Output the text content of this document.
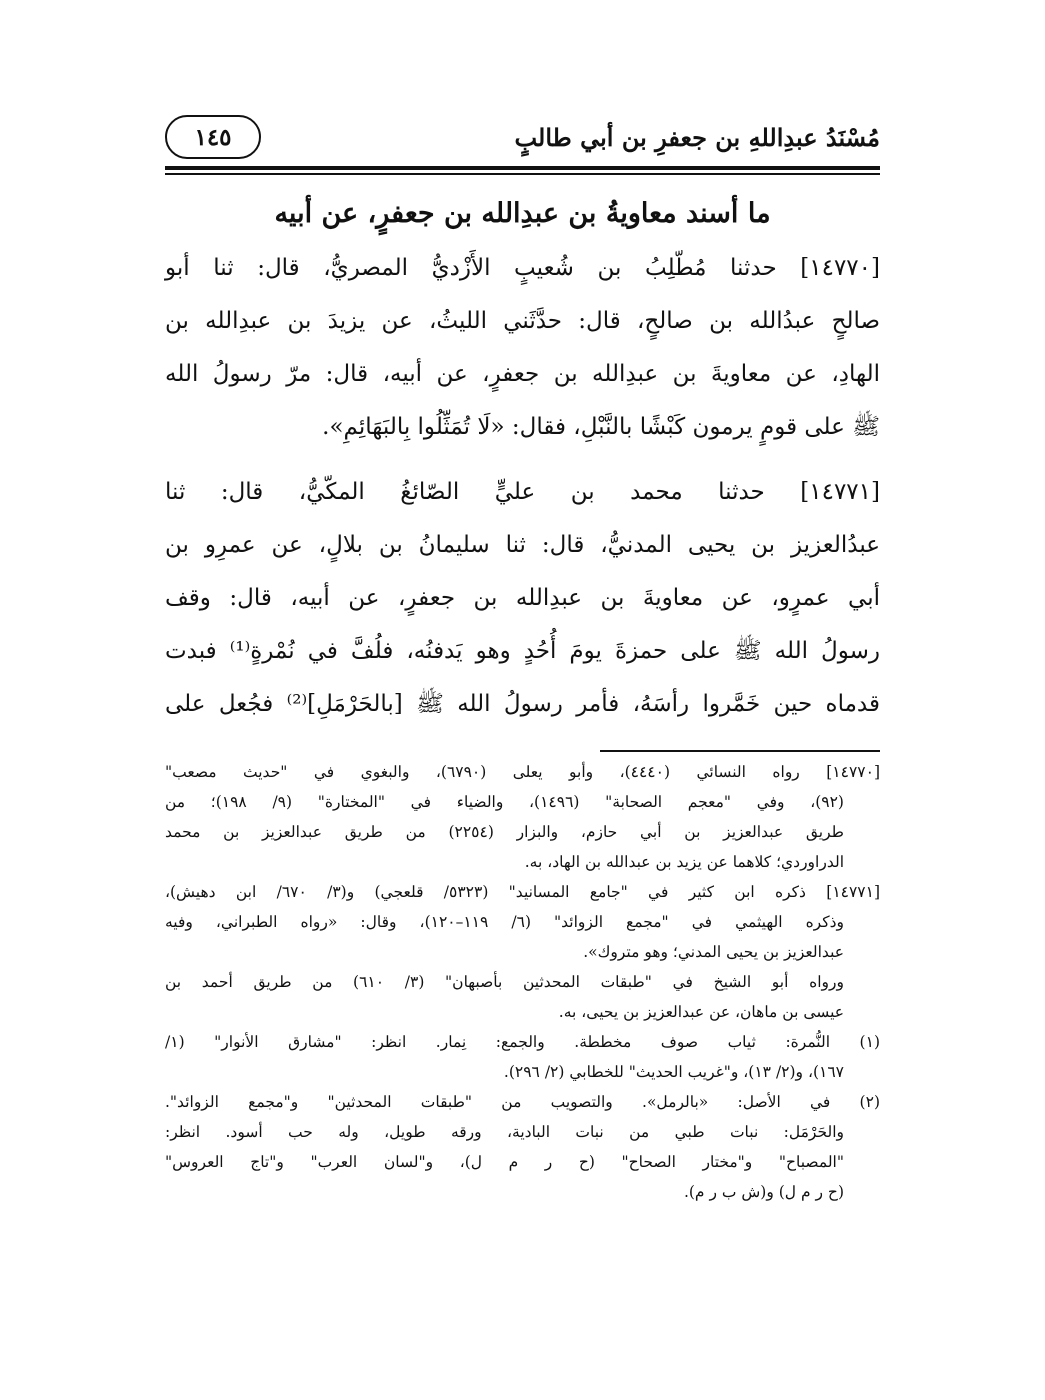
مُسْنَدُ عبدِاللهِ بن جعفرِ بن أبي طالبٍ
١٤٥
ما أسند معاويةُ بن عبدِالله بن جعفرٍ، عن أبيه
[١٤٧٧٠] حدثنا مُطّلِبُ بن شُعيبٍ الأَزْديُّ المصريُّ، قال: ثنا أبو
صالحٍ عبدُالله بن صالحٍ، قال: حدَّثَني الليثُ، عن يزيدَ بن عبدِالله بن
الهادِ، عن معاويةَ بن عبدِالله بن جعفرٍ، عن أبيه، قال: مرّ رسولُ الله
ﷺ على قومٍ يرمون كَبْشًا بالنَّبْلِ، فقال: «لَا تُمَثِّلُوا بِالبَهَائِمِ».
[١٤٧٧١] حدثنا محمد بن عليٍّ الصّائغُ المكّيُّ، قال: ثنا
عبدُالعزيز بن يحيى المدنيُّ، قال: ثنا سليمانُ بن بلالٍ، عن عمرِو بن
أبي عمرٍو، عن معاويةَ بن عبدِالله بن جعفرٍ، عن أبيه، قال: وقف
رسولُ الله ﷺ على حمزةَ يومَ أُحُدٍ وهو يَدفنُه، فلُفَّ في نُمْرةٍ⁽¹⁾ فبدت
قدماه حين خَمَّروا رأسَهُ، فأمر رسولُ الله ﷺ [بالحَرْمَلِ]⁽²⁾ فجُعل على
[١٤٧٧٠] رواه النسائي (٤٤٤٠)، وأبو يعلى (٦٧٩٠)، والبغوي في "حديث مصعب"
(٩٢)، وفي "معجم الصحابة" (١٤٩٦)، والضياء في "المختارة" (٩/ ١٩٨)؛ من
طريق عبدالعزيز بن أبي حازم، والبزار (٢٢٥٤) من طريق عبدالعزيز بن محمد
الدراوردي؛ كلاهما عن يزيد بن عبدالله بن الهاد، به.
[١٤٧٧١] ذكره ابن كثير في "جامع المسانيد" (٥٣٢٣/ قلعجي) و(٣/ ٦٧٠/ ابن دهيش)،
وذكره الهيثمي في "مجمع الزوائد" (٦/ ١١٩–١٢٠)، وقال: «رواه الطبراني، وفيه
عبدالعزيز بن يحيى المدني؛ وهو متروك».
ورواه أبو الشيخ في "طبقات المحدثين بأصبهان" (٣/ ٦١٠) من طريق أحمد بن
عيسى بن ماهان، عن عبدالعزيز بن يحيى، به.
(١) النُّمرة: ثياب صوف مخططة. والجمع: نِمار. انظر: "مشارق الأنوار" (١/
١٦٧)، و(٢/ ١٣)، و"غريب الحديث" للخطابي (٢/ ٢٩٦).
(٢) في الأصل: «بالرمل». والتصويب من "طبقات المحدثين" و"مجمع الزوائد".
والحَرْمَل: نبات طبي من نبات البادية، ورقه طويل، وله حب أسود. انظر:
"المصباح" و"مختار الصحاح" (ح ر م ل)، و"لسان العرب" و"تاج العروس"
(ح ر م ل) و(ش ب ر م).
